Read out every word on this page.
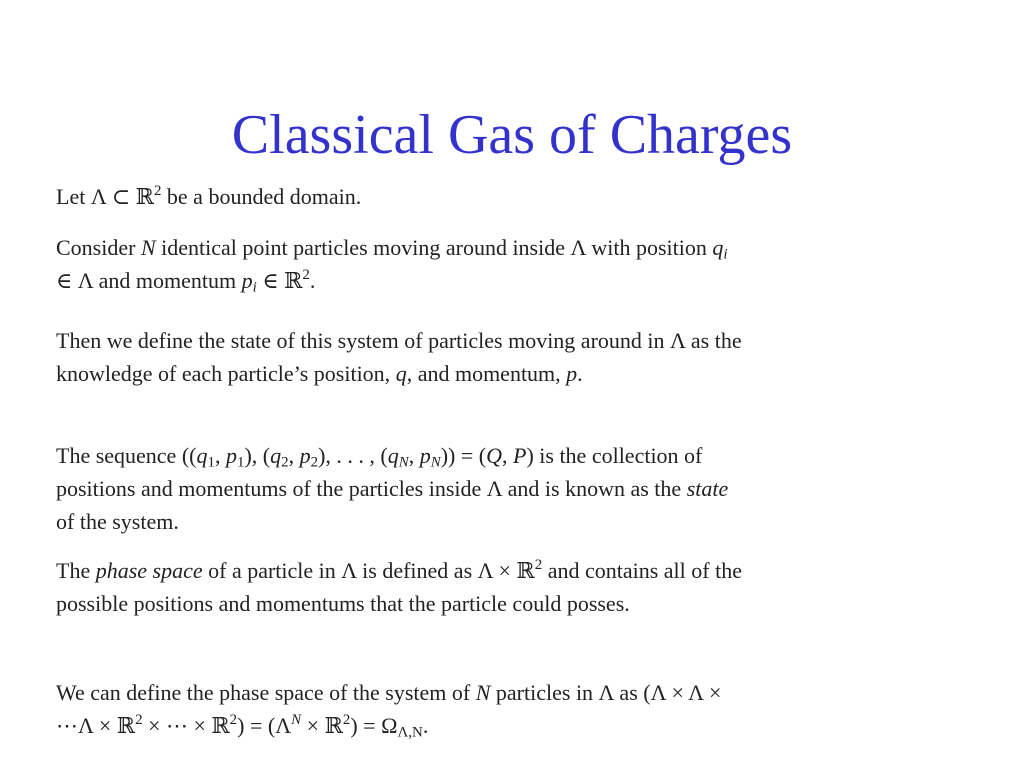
Classical Gas of Charges
Let Λ ⊂ ℝ$^2$ be a bounded domain.
Consider N identical point particles moving around inside Λ with position $q_i$ ∈ Λ and momentum $p_i$ ∈ ℝ$^2$.
Then we define the state of this system of particles moving around in Λ as the knowledge of each particle’s position, q, and momentum, p.
The sequence (($q_1$, $p_1$), ($q_2$, $p_2$), . . . , ($q_N$, $p_N)) = (Q$, P) is the collection of positions and momentums of the particles inside Λ and is known as the state of the system.
The phase space of a particle in Λ is defined as Λ × ℝ$^2$ and contains all of the possible positions and momentums that the particle could posses.
We can define the phase space of the system of N particles in Λ as (Λ × Λ × ⋯Λ × ℝ$^2$ × ⋯ × ℝ$^2$) = ($\Lambda^N$ × ℝ$^2$) = $\Omega_{\Lambda,N}$.
